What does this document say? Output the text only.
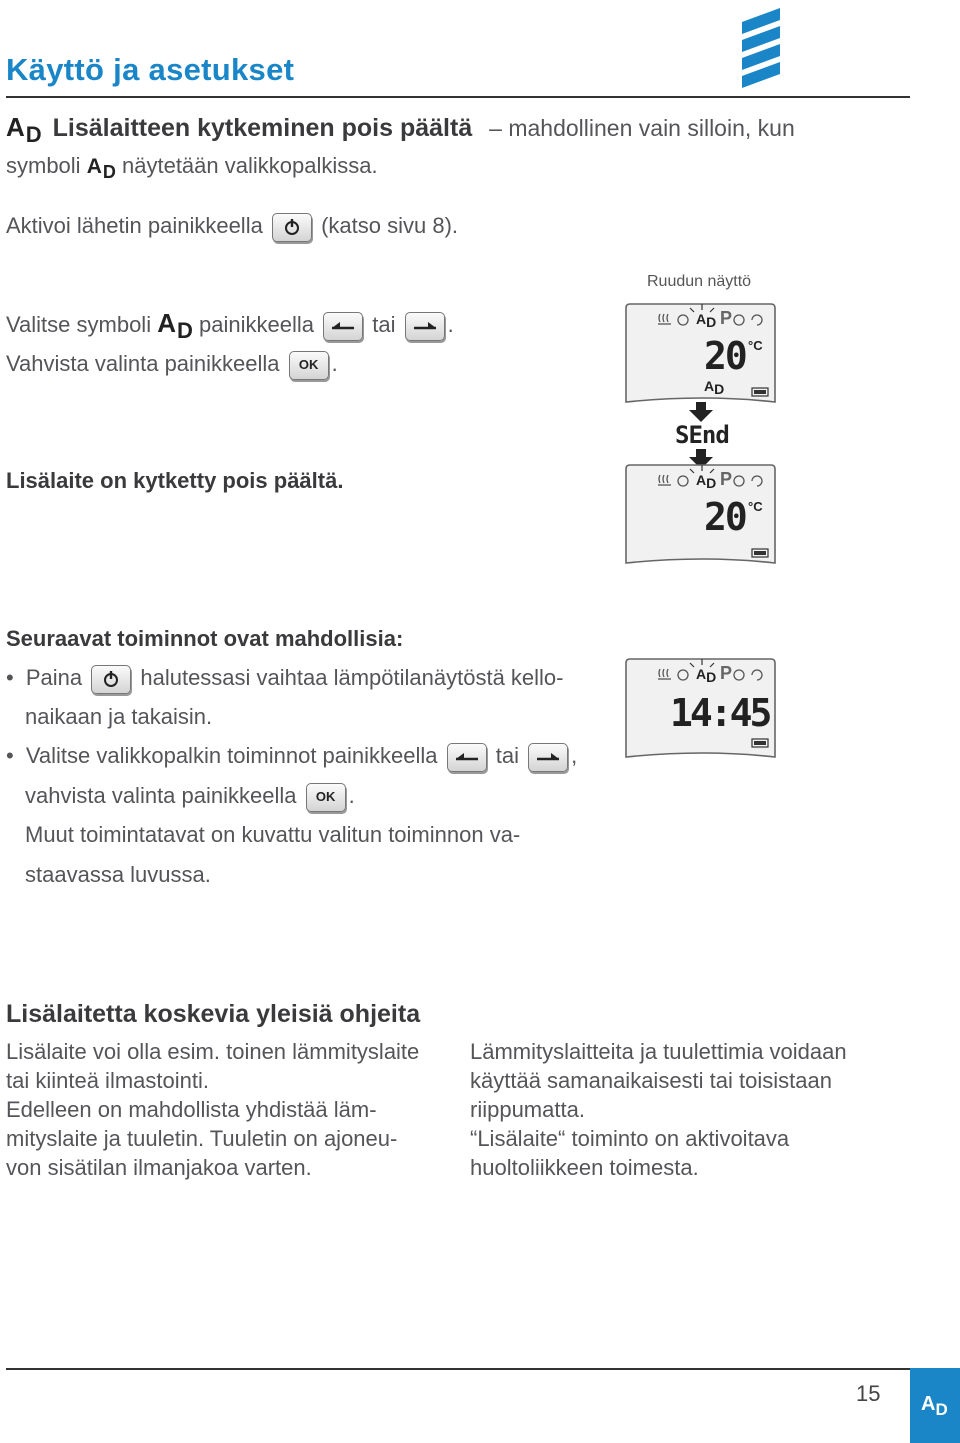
Käyttö ja asetukset
AD Lisälaitteen kytkeminen pois päältä – mahdollinen vain silloin, kun
symboli $A_D$ näytetään valikkopalkissa.
Aktivoi lähetin painikkeella	(katso sivu 8).
Ruudun näyttö
Valitse symboli AD painikkeella	tai .
Vahvista valinta painikkeella	OK .
Lisälaite on kytketty pois päältä.
AD P
20 °C
AD
SEnd
AD P
20 °C
Seuraavat toiminnot ovat mahdollisia:
• Paina	halutessasi vaihtaa lämpötilanäytöstä kello-
naikaan ja takaisin.
• Valitse valikkopalkin toiminnot painikkeella	tai ,
vahvista valinta painikkeella	OK .
Muut toimintatavat on kuvattu valitun toiminnon va-
staavassa luvussa.
AD P
14:45
Lisälaitetta koskevia yleisiä ohjeita
Lisälaite voi olla esim. toinen lämmityslaite
tai kiinteä ilmastointi.
Edelleen on mahdollista yhdistää läm-
mityslaite ja tuuletin. Tuuletin on ajoneu-
von sisätilan ilmanjakoa varten.
Lämmityslaitteita ja tuulettimia voidaan
käyttää samanaikaisesti tai toisistaan
riippumatta.
“Lisälaite“ toiminto on aktivoitava
huoltoliikkeen toimesta.
15 $A_D$
